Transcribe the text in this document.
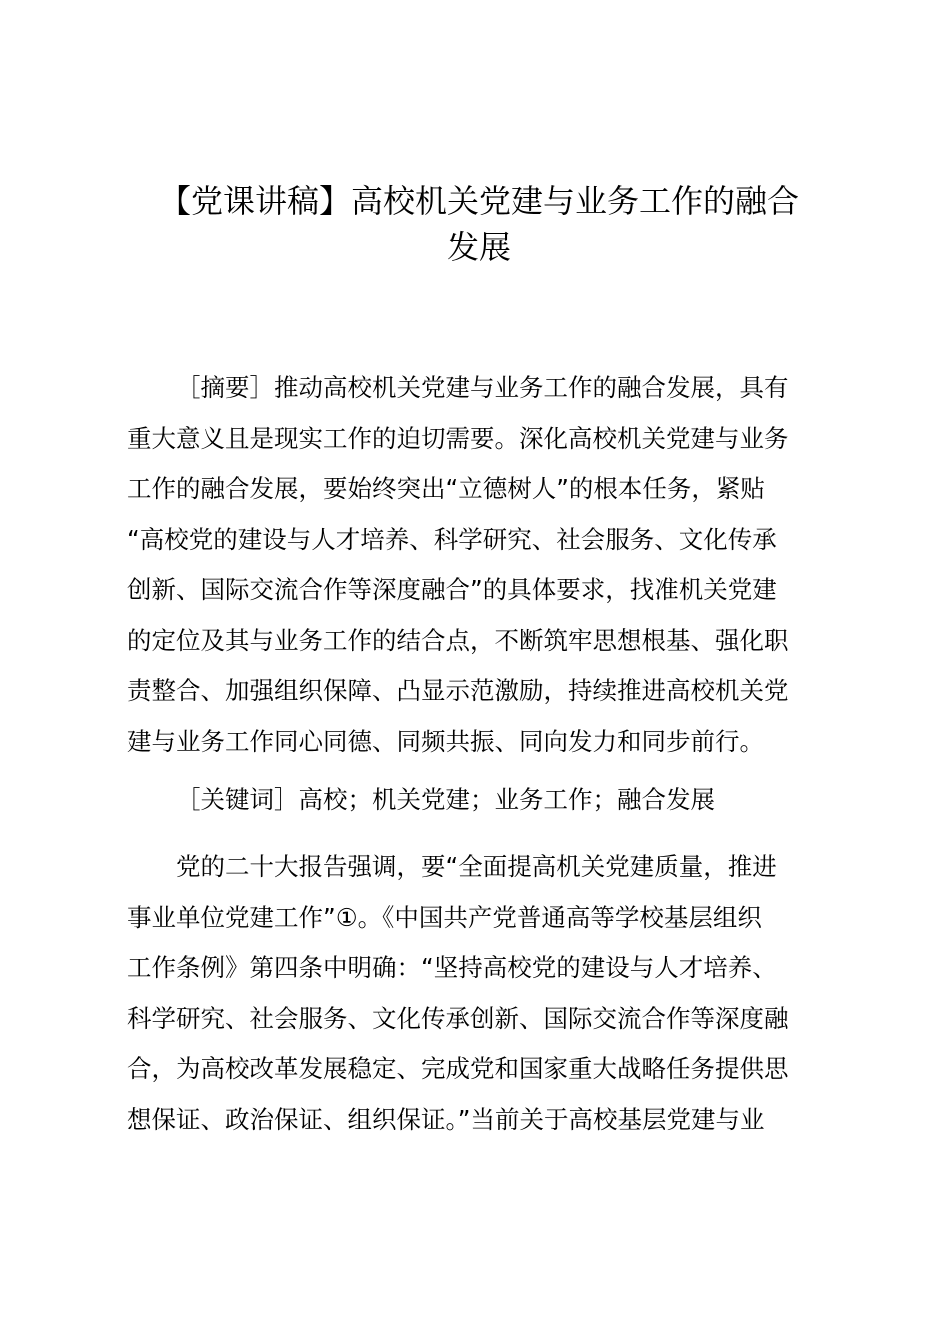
【党课讲稿】高校机关党建与业务工作的融合
发展

［摘要］推动高校机关党建与业务工作的融合发展，具有
重大意义且是现实工作的迫切需要。深化高校机关党建与业务
工作的融合发展，要始终突出“立德树人”的根本任务，紧贴
“高校党的建设与人才培养、科学研究、社会服务、文化传承
创新、国际交流合作等深度融合”的具体要求，找准机关党建
的定位及其与业务工作的结合点，不断筑牢思想根基、强化职
责整合、加强组织保障、凸显示范激励，持续推进高校机关党
建与业务工作同心同德、同频共振、同向发力和同步前行。

［关键词］高校；机关党建；业务工作；融合发展

党的二十大报告强调，要“全面提高机关党建质量，推进
事业单位党建工作”①。《中国共产党普通高等学校基层组织
工作条例》第四条中明确：“坚持高校党的建设与人才培养、
科学研究、社会服务、文化传承创新、国际交流合作等深度融
合，为高校改革发展稳定、完成党和国家重大战略任务提供思
想保证、政治保证、组织保证。”当前关于高校基层党建与业
